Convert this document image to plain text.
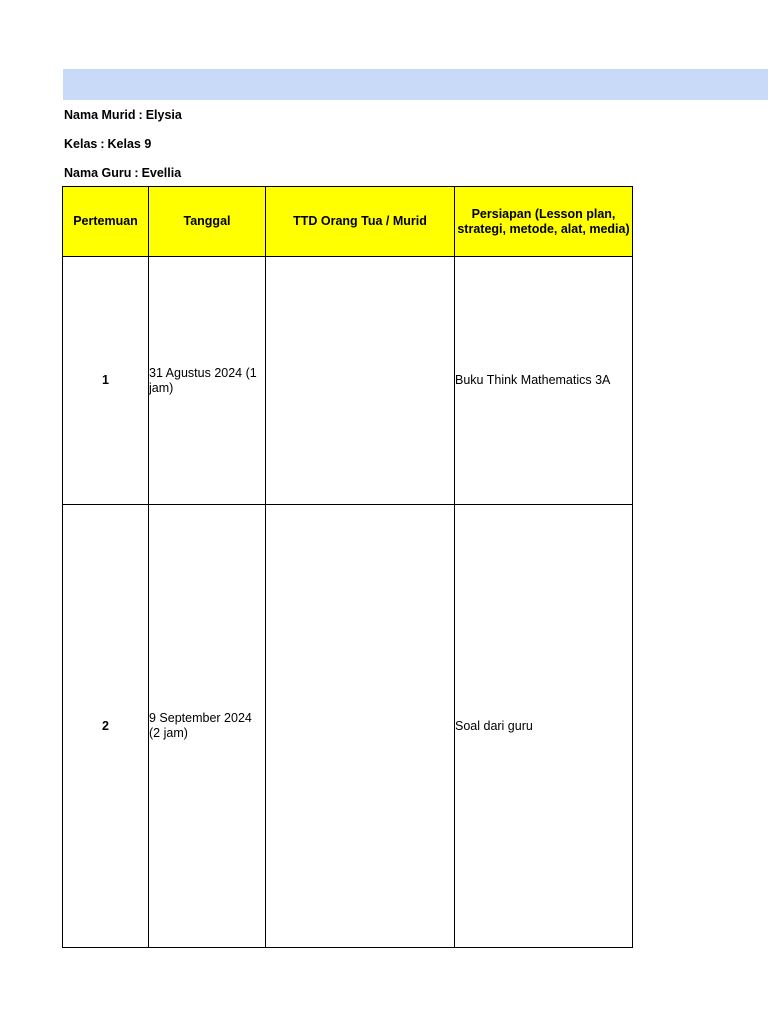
Nama Murid : Elysia
Kelas : Kelas 9
Nama Guru : Evellia
Pertemuan	Tanggal	TTD Orang Tua / Murid	Persiapan (Lesson plan, strategi, metode, alat, media)
1	31 Agustus 2024 (1 jam)		Buku Think Mathematics 3A
2	9 September 2024 (2 jam)		Soal dari guru
